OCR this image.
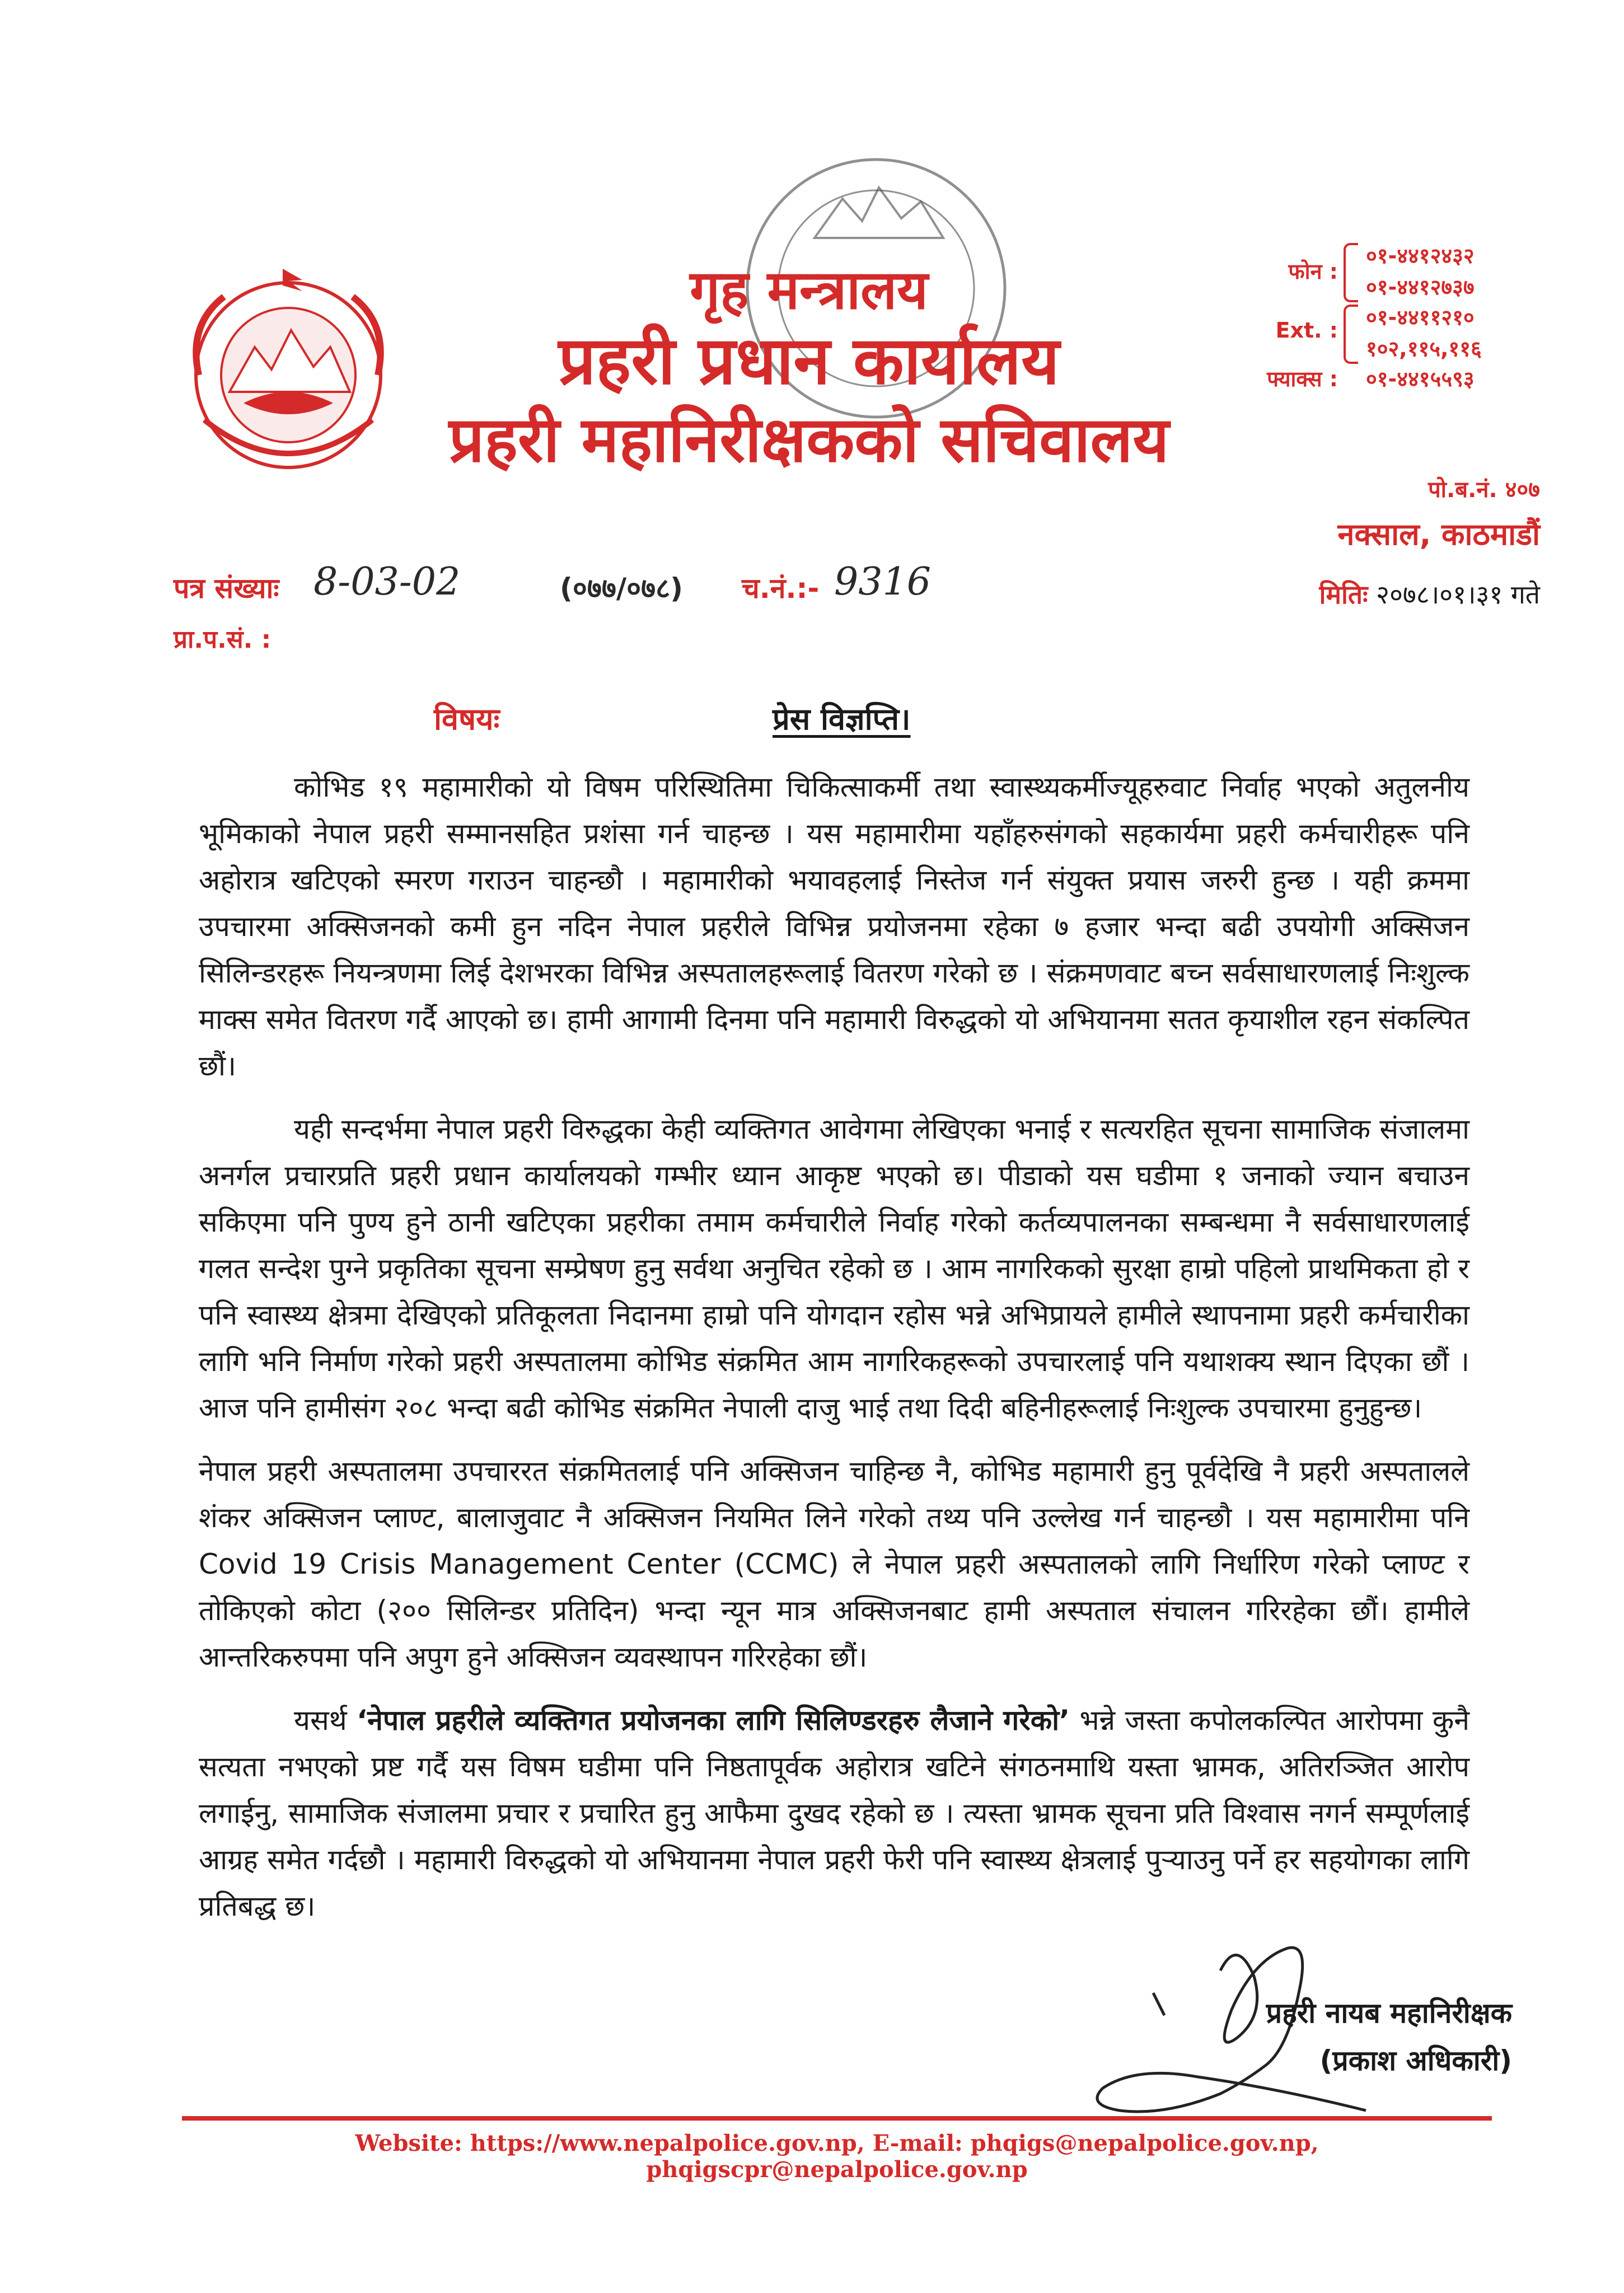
गृह मन्त्रालय
प्रहरी प्रधान कार्यालय
प्रहरी महानिरीक्षकको सचिवालय
फोन :
०१-४४१२४३२
०१-४४१२७३७
Ext. :
०१-४४११२१०
१०२,११५,११६
फ्याक्स : ०१-४४१५५९३
पो.ब.नं. ४०७
नक्साल, काठमाडौं
पत्र संख्याः 8-03-02	(०७७/०७८) च.नं.:- 9316	मितिः २०७८।०१।३१ गते
प्रा.प.सं. :
विषयः	प्रेस विज्ञप्ति।

कोभिड १९ महामारीको यो विषम परिस्थितिमा चिकित्साकर्मी तथा स्वास्थ्यकर्मीज्यूहरुवाट निर्वाह भएको अतुलनीय भूमिकाको नेपाल प्रहरी सम्मानसहित प्रशंसा गर्न चाहन्छ । यस महामारीमा यहाँहरुसंगको सहकार्यमा प्रहरी कर्मचारीहरू पनि अहोरात्र खटिएको स्मरण गराउन चाहन्छौ । महामारीको भयावहलाई निस्तेज गर्न संयुक्त प्रयास जरुरी हुन्छ । यही क्रममा उपचारमा अक्सिजनको कमी हुन नदिन नेपाल प्रहरीले विभिन्न प्रयोजनमा रहेका ७ हजार भन्दा बढी उपयोगी अक्सिजन सिलिन्डरहरू नियन्त्रणमा लिई देशभरका विभिन्न अस्पतालहरूलाई वितरण गरेको छ । संक्रमणवाट बच्न सर्वसाधारणलाई निःशुल्क माक्स समेत वितरण गर्दै आएको छ। हामी आगामी दिनमा पनि महामारी विरुद्धको यो अभियानमा सतत कृयाशील रहन संकल्पित छौं।

यही सन्दर्भमा नेपाल प्रहरी विरुद्धका केही व्यक्तिगत आवेगमा लेखिएका भनाई र सत्यरहित सूचना सामाजिक संजालमा अनर्गल प्रचारप्रति प्रहरी प्रधान कार्यालयको गम्भीर ध्यान आकृष्ट भएको छ। पीडाको यस घडीमा १ जनाको ज्यान बचाउन सकिएमा पनि पुण्य हुने ठानी खटिएका प्रहरीका तमाम कर्मचारीले निर्वाह गरेको कर्तव्यपालनका सम्बन्धमा नै सर्वसाधारणलाई गलत सन्देश पुग्ने प्रकृतिका सूचना सम्प्रेषण हुनु सर्वथा अनुचित रहेको छ । आम नागरिकको सुरक्षा हाम्रो पहिलो प्राथमिकता हो र पनि स्वास्थ्य क्षेत्रमा देखिएको प्रतिकूलता निदानमा हाम्रो पनि योगदान रहोस भन्ने अभिप्रायले हामीले स्थापनामा प्रहरी कर्मचारीका लागि भनि निर्माण गरेको प्रहरी अस्पतालमा कोभिड संक्रमित आम नागरिकहरूको उपचारलाई पनि यथाशक्य स्थान दिएका छौं । आज पनि हामीसंग २०८ भन्दा बढी कोभिड संक्रमित नेपाली दाजु भाई तथा दिदी बहिनीहरूलाई निःशुल्क उपचारमा हुनुहुन्छ।

नेपाल प्रहरी अस्पतालमा उपचाररत संक्रमितलाई पनि अक्सिजन चाहिन्छ नै, कोभिड महामारी हुनु पूर्वदेखि नै प्रहरी अस्पतालले शंकर अक्सिजन प्लाण्ट, बालाजुवाट नै अक्सिजन नियमित लिने गरेको तथ्य पनि उल्लेख गर्न चाहन्छौ । यस महामारीमा पनि Covid 19 Crisis Management Center (CCMC) ले नेपाल प्रहरी अस्पतालको लागि निर्धारिण गरेको प्लाण्ट र तोकिएको कोटा (२०० सिलिन्डर प्रतिदिन) भन्दा न्यून मात्र अक्सिजनबाट हामी अस्पताल संचालन गरिरहेका छौं। हामीले आन्तरिकरुपमा पनि अपुग हुने अक्सिजन व्यवस्थापन गरिरहेका छौं।

यसर्थ ‘नेपाल प्रहरीले व्यक्तिगत प्रयोजनका लागि सिलिण्डरहरु लैजाने गरेको’ भन्ने जस्ता कपोलकल्पित आरोपमा कुनै सत्यता नभएको प्रष्ट गर्दै यस विषम घडीमा पनि निष्ठतापूर्वक अहोरात्र खटिने संगठनमाथि यस्ता भ्रामक, अतिरञ्जित आरोप लगाईनु, सामाजिक संजालमा प्रचार र प्रचारित हुनु आफैमा दुखद रहेको छ । त्यस्ता भ्रामक सूचना प्रति विश्वास नगर्न सम्पूर्णलाई आग्रह समेत गर्दछौ । महामारी विरुद्धको यो अभियानमा नेपाल प्रहरी फेरी पनि स्वास्थ्य क्षेत्रलाई पुऱ्याउनु पर्ने हर सहयोगका लागि प्रतिबद्ध छ।

प्रहरी नायब महानिरीक्षक
(प्रकाश अधिकारी)
Website: https://www.nepalpolice.gov.np, E-mail: phqigs@nepalpolice.gov.np, phqigscpr@nepalpolice.gov.np
